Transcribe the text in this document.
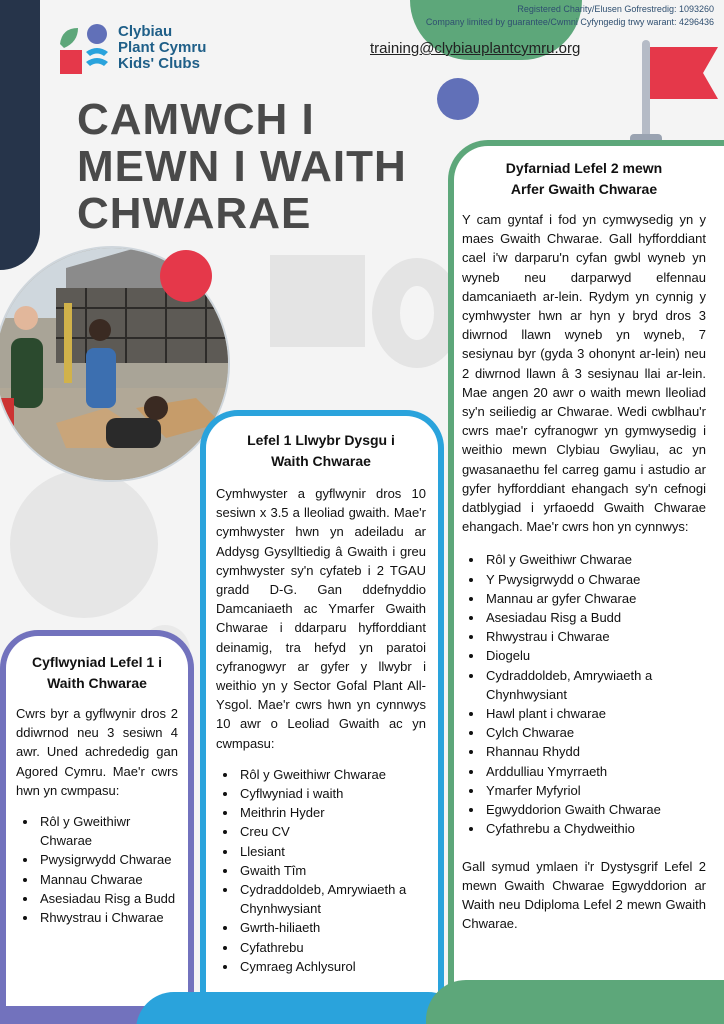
Registered Charity/Elusen Gofrestredig: 1093260
Company limited by guarantee/Cwmni Cyfyngedig trwy warant: 4296436
Clybiau
Plant Cymru
Kids' Clubs
training@clybiauplantcymru.org
CAMWCH I
MEWN I WAITH
CHWARAE
Cyflwyniad Lefel 1 i
Waith Chwarae

Cwrs byr a gyflwynir dros 2 ddiwrnod neu 3 sesiwn 4 awr. Uned achrededig gan Agored Cymru. Mae'r cwrs hwn yn cwmpasu:

• Rôl y Gweithiwr Chwarae
• Pwysigrwydd Chwarae
• Mannau Chwarae
• Asesiadau Risg a Budd
• Rhwystrau i Chwarae
Lefel 1 Llwybr Dysgu i
Waith Chwarae

Cymhwyster a gyflwynir dros 10 sesiwn x 3.5 a lleoliad gwaith. Mae'r cymhwyster hwn yn adeiladu ar Addysg Gysylltiedig â Gwaith i greu cymhwyster sy'n cyfateb i 2 TGAU gradd D-G. Gan ddefnyddio Damcaniaeth ac Ymarfer Gwaith Chwarae i ddarparu hyfforddiant deinamig, tra hefyd yn paratoi cyfranogwyr ar gyfer y llwybr i weithio yn y Sector Gofal Plant All-Ysgol. Mae'r cwrs hwn yn cynnwys 10 awr o Leoliad Gwaith ac yn cwmpasu:

• Rôl y Gweithiwr Chwarae
• Cyflwyniad i waith
• Meithrin Hyder
• Creu CV
• Llesiant
• Gwaith Tîm
• Cydraddoldeb, Amrywiaeth a Chynhwysiant
• Gwrth-hiliaeth
• Cyfathrebu
• Cymraeg Achlysurol
Dyfarniad Lefel 2 mewn
Arfer Gwaith Chwarae

Y cam gyntaf i fod yn cymwysedig yn y maes Gwaith Chwarae. Gall hyfforddiant cael i'w darparu'n cyfan gwbl wyneb yn wyneb neu darparwyd elfennau damcaniaeth ar-lein. Rydym yn cynnig y cymhwyster hwn ar hyn y bryd dros 3 diwrnod llawn wyneb yn wyneb, 7 sesiynau byr (gyda 3 ohonynt ar-lein) neu 2 diwrnod llawn â 3 sesiynau llai ar-lein. Mae angen 20 awr o waith mewn lleoliad sy'n seiliedig ar Chwarae. Wedi cwblhau'r cwrs mae'r cyfranogwr yn gymwysedig i weithio mewn Clybiau Gwyliau, ac yn gwasanaethu fel carreg gamu i astudio ar gyfer hyfforddiant ehangach sy'n cefnogi datblygiad i yrfaoedd Gwaith Chwarae ehangach. Mae'r cwrs hon yn cynnwys:

• Rôl y Gweithiwr Chwarae
• Y Pwysigrwydd o Chwarae
• Mannau ar gyfer Chwarae
• Asesiadau Risg a Budd
• Rhwystrau i Chwarae
• Diogelu
• Cydraddoldeb, Amrywiaeth a Chynhwysiant
• Hawl plant i chwarae
• Cylch Chwarae
• Rhannau Rhydd
• Arddulliau Ymyrraeth
• Ymarfer Myfyriol
• Egwyddorion Gwaith Chwarae
• Cyfathrebu a Chydweithio

Gall symud ymlaen i'r Dystysgrif Lefel 2 mewn Gwaith Chwarae Egwyddorion ar Waith neu Ddiploma Lefel 2 mewn Gwaith Chwarae.
